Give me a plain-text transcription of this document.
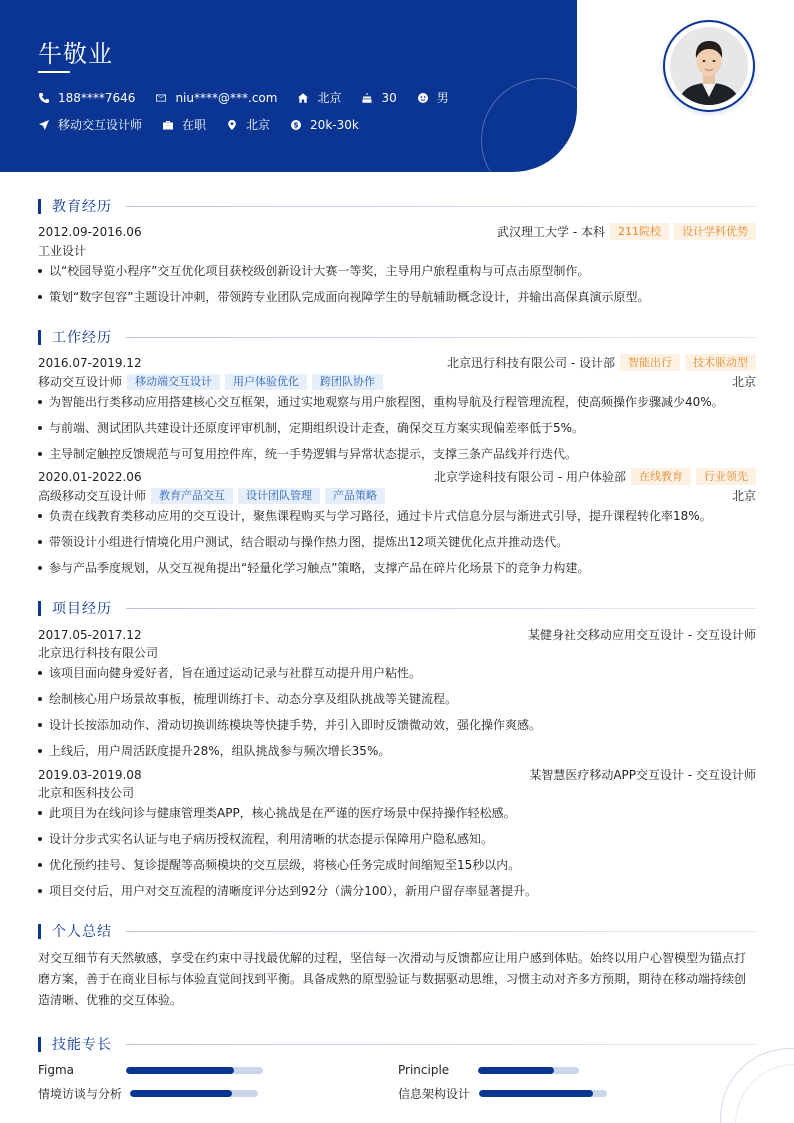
牛敬业
188****7646	niu****@***.com	北京	30	男
移动交互设计师	在职	北京	$ 20k-30k
教育经历
2012.09-2016.06	武汉理工大学 - 本科	211院校	设计学科优势
工业设计
以“校园导览小程序”交互优化项目获校级创新设计大赛一等奖，主导用户旅程重构与可点击原型制作。
策划“数字包容”主题设计冲刺，带领跨专业团队完成面向视障学生的导航辅助概念设计，并输出高保真演示原型。
工作经历
2016.07-2019.12	北京迅行科技有限公司 - 设计部	智能出行	技术驱动型
移动交互设计师	移动端交互设计	用户体验优化	跨团队协作	北京
为智能出行类移动应用搭建核心交互框架，通过实地观察与用户旅程图，重构导航及行程管理流程，使高频操作步骤减少40%。
与前端、测试团队共建设计还原度评审机制，定期组织设计走查，确保交互方案实现偏差率低于5%。
主导制定触控反馈规范与可复用控件库，统一手势逻辑与异常状态提示，支撑三条产品线并行迭代。
2020.01-2022.06	北京学途科技有限公司 - 用户体验部	在线教育	行业领先
高级移动交互设计师	教育产品交互	设计团队管理	产品策略	北京
负责在线教育类移动应用的交互设计，聚焦课程购买与学习路径，通过卡片式信息分层与渐进式引导，提升课程转化率18%。
带领设计小组进行情境化用户测试，结合眼动与操作热力图，提炼出12项关键优化点并推动迭代。
参与产品季度规划，从交互视角提出“轻量化学习触点”策略，支撑产品在碎片化场景下的竞争力构建。
项目经历
2017.05-2017.12	某健身社交移动应用交互设计 - 交互设计师
北京迅行科技有限公司
该项目面向健身爱好者，旨在通过运动记录与社群互动提升用户粘性。
绘制核心用户场景故事板，梳理训练打卡、动态分享及组队挑战等关键流程。
设计长按添加动作、滑动切换训练模块等快捷手势，并引入即时反馈微动效，强化操作爽感。
上线后，用户周活跃度提升28%，组队挑战参与频次增长35%。
2019.03-2019.08	某智慧医疗移动APP交互设计 - 交互设计师
北京和医科技公司
此项目为在线问诊与健康管理类APP，核心挑战是在严谨的医疗场景中保持操作轻松感。
设计分步式实名认证与电子病历授权流程，利用清晰的状态提示保障用户隐私感知。
优化预约挂号、复诊提醒等高频模块的交互层级，将核心任务完成时间缩短至15秒以内。
项目交付后，用户对交互流程的清晰度评分达到92分（满分100），新用户留存率显著提升。
个人总结
对交互细节有天然敏感，享受在约束中寻找最优解的过程，坚信每一次滑动与反馈都应让用户感到体贴。始终以用户心智模型为锚点打磨方案，善于在商业目标与体验直觉间找到平衡。具备成熟的原型验证与数据驱动思维，习惯主动对齐多方预期，期待在移动端持续创造清晰、优雅的交互体验。
技能专长
Figma	Principle
情境访谈与分析	信息架构设计
